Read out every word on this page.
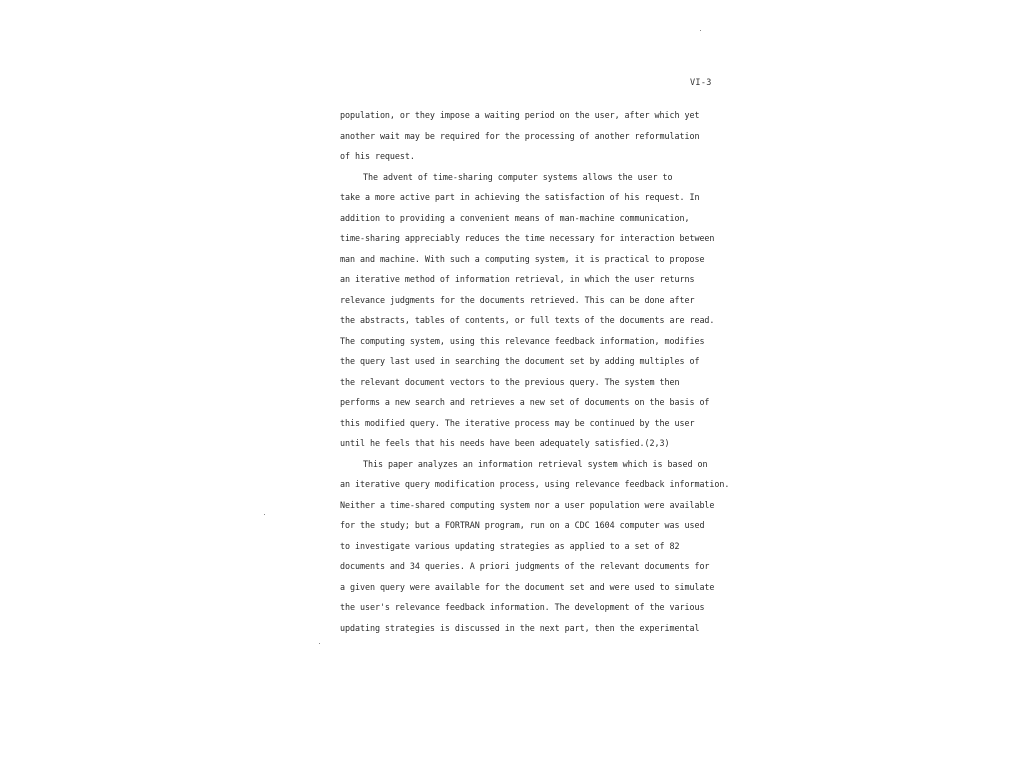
VI-3
population, or they impose a waiting period on the user, after which yet
another wait may be required for the processing of another reformulation
of his request.
The advent of time-sharing computer systems allows the user to
take a more active part in achieving the satisfaction of his request. In
addition to providing a convenient means of man-machine communication,
time-sharing appreciably reduces the time necessary for interaction between
man and machine. With such a computing system, it is practical to propose
an iterative method of information retrieval, in which the user returns
relevance judgments for the documents retrieved. This can be done after
the abstracts, tables of contents, or full texts of the documents are read.
The computing system, using this relevance feedback information, modifies
the query last used in searching the document set by adding multiples of
the relevant document vectors to the previous query. The system then
performs a new search and retrieves a new set of documents on the basis of
this modified query. The iterative process may be continued by the user
until he feels that his needs have been adequately satisfied.(2,3)
This paper analyzes an information retrieval system which is based on
an iterative query modification process, using relevance feedback information.
Neither a time-shared computing system nor a user population were available
for the study; but a FORTRAN program, run on a CDC 1604 computer was used
to investigate various updating strategies as applied to a set of 82
documents and 34 queries. A priori judgments of the relevant documents for
a given query were available for the document set and were used to simulate
the user's relevance feedback information. The development of the various
updating strategies is discussed in the next part, then the experimental
